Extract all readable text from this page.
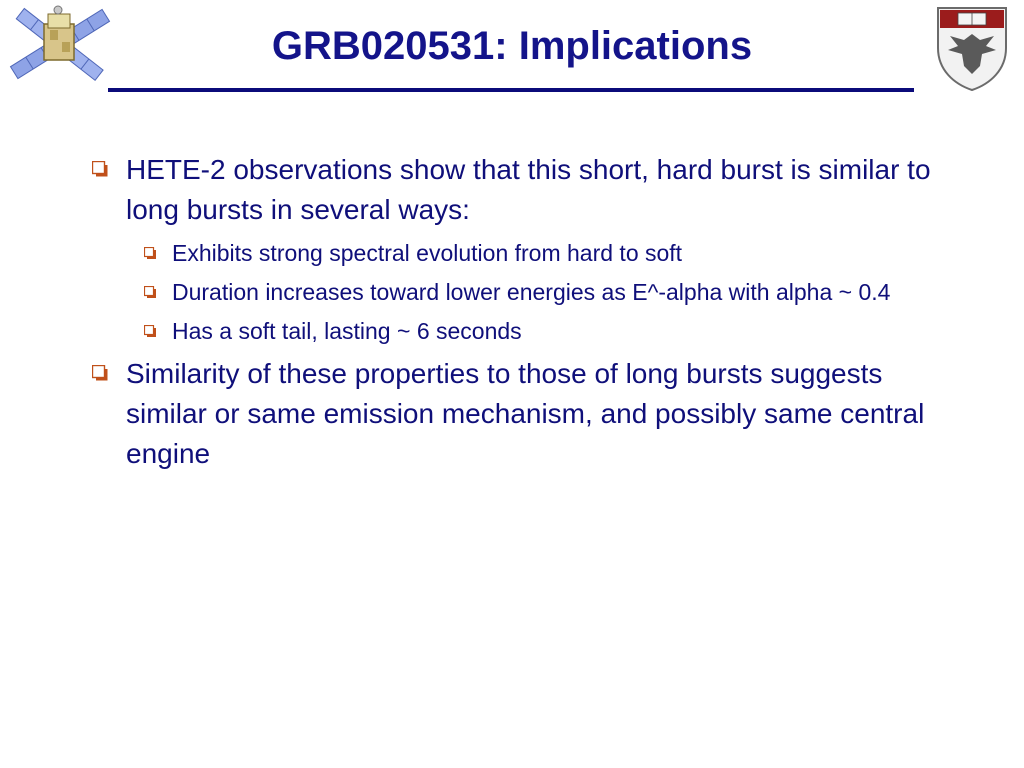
GRB020531: Implications
HETE-2 observations show that this short, hard burst is similar to long bursts in several ways:
Exhibits strong spectral evolution from hard to soft
Duration increases toward lower energies as E^-alpha with alpha ~ 0.4
Has a soft tail, lasting ~ 6 seconds
Similarity of these properties to those of long bursts suggests similar or same emission mechanism, and possibly same central engine
